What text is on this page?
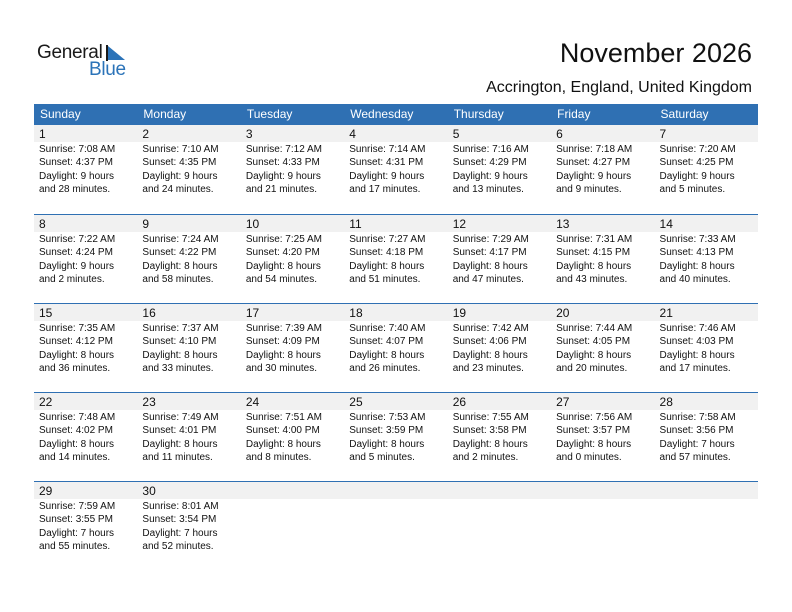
General
Blue
November 2026
Accrington, England, United Kingdom
Sunday	Monday	Tuesday	Wednesday	Thursday	Friday	Saturday
1	2	3	4	5	6	7
Sunrise: 7:08 AM
Sunset: 4:37 PM
Daylight: 9 hours
and 28 minutes.
Sunrise: 7:10 AM
Sunset: 4:35 PM
Daylight: 9 hours
and 24 minutes.
Sunrise: 7:12 AM
Sunset: 4:33 PM
Daylight: 9 hours
and 21 minutes.
Sunrise: 7:14 AM
Sunset: 4:31 PM
Daylight: 9 hours
and 17 minutes.
Sunrise: 7:16 AM
Sunset: 4:29 PM
Daylight: 9 hours
and 13 minutes.
Sunrise: 7:18 AM
Sunset: 4:27 PM
Daylight: 9 hours
and 9 minutes.
Sunrise: 7:20 AM
Sunset: 4:25 PM
Daylight: 9 hours
and 5 minutes.
8	9	10	11	12	13	14
Sunrise: 7:22 AM
Sunset: 4:24 PM
Daylight: 9 hours
and 2 minutes.
Sunrise: 7:24 AM
Sunset: 4:22 PM
Daylight: 8 hours
and 58 minutes.
Sunrise: 7:25 AM
Sunset: 4:20 PM
Daylight: 8 hours
and 54 minutes.
Sunrise: 7:27 AM
Sunset: 4:18 PM
Daylight: 8 hours
and 51 minutes.
Sunrise: 7:29 AM
Sunset: 4:17 PM
Daylight: 8 hours
and 47 minutes.
Sunrise: 7:31 AM
Sunset: 4:15 PM
Daylight: 8 hours
and 43 minutes.
Sunrise: 7:33 AM
Sunset: 4:13 PM
Daylight: 8 hours
and 40 minutes.
15	16	17	18	19	20	21
Sunrise: 7:35 AM
Sunset: 4:12 PM
Daylight: 8 hours
and 36 minutes.
Sunrise: 7:37 AM
Sunset: 4:10 PM
Daylight: 8 hours
and 33 minutes.
Sunrise: 7:39 AM
Sunset: 4:09 PM
Daylight: 8 hours
and 30 minutes.
Sunrise: 7:40 AM
Sunset: 4:07 PM
Daylight: 8 hours
and 26 minutes.
Sunrise: 7:42 AM
Sunset: 4:06 PM
Daylight: 8 hours
and 23 minutes.
Sunrise: 7:44 AM
Sunset: 4:05 PM
Daylight: 8 hours
and 20 minutes.
Sunrise: 7:46 AM
Sunset: 4:03 PM
Daylight: 8 hours
and 17 minutes.
22	23	24	25	26	27	28
Sunrise: 7:48 AM
Sunset: 4:02 PM
Daylight: 8 hours
and 14 minutes.
Sunrise: 7:49 AM
Sunset: 4:01 PM
Daylight: 8 hours
and 11 minutes.
Sunrise: 7:51 AM
Sunset: 4:00 PM
Daylight: 8 hours
and 8 minutes.
Sunrise: 7:53 AM
Sunset: 3:59 PM
Daylight: 8 hours
and 5 minutes.
Sunrise: 7:55 AM
Sunset: 3:58 PM
Daylight: 8 hours
and 2 minutes.
Sunrise: 7:56 AM
Sunset: 3:57 PM
Daylight: 8 hours
and 0 minutes.
Sunrise: 7:58 AM
Sunset: 3:56 PM
Daylight: 7 hours
and 57 minutes.
29	30
Sunrise: 7:59 AM
Sunset: 3:55 PM
Daylight: 7 hours
and 55 minutes.
Sunrise: 8:01 AM
Sunset: 3:54 PM
Daylight: 7 hours
and 52 minutes.
